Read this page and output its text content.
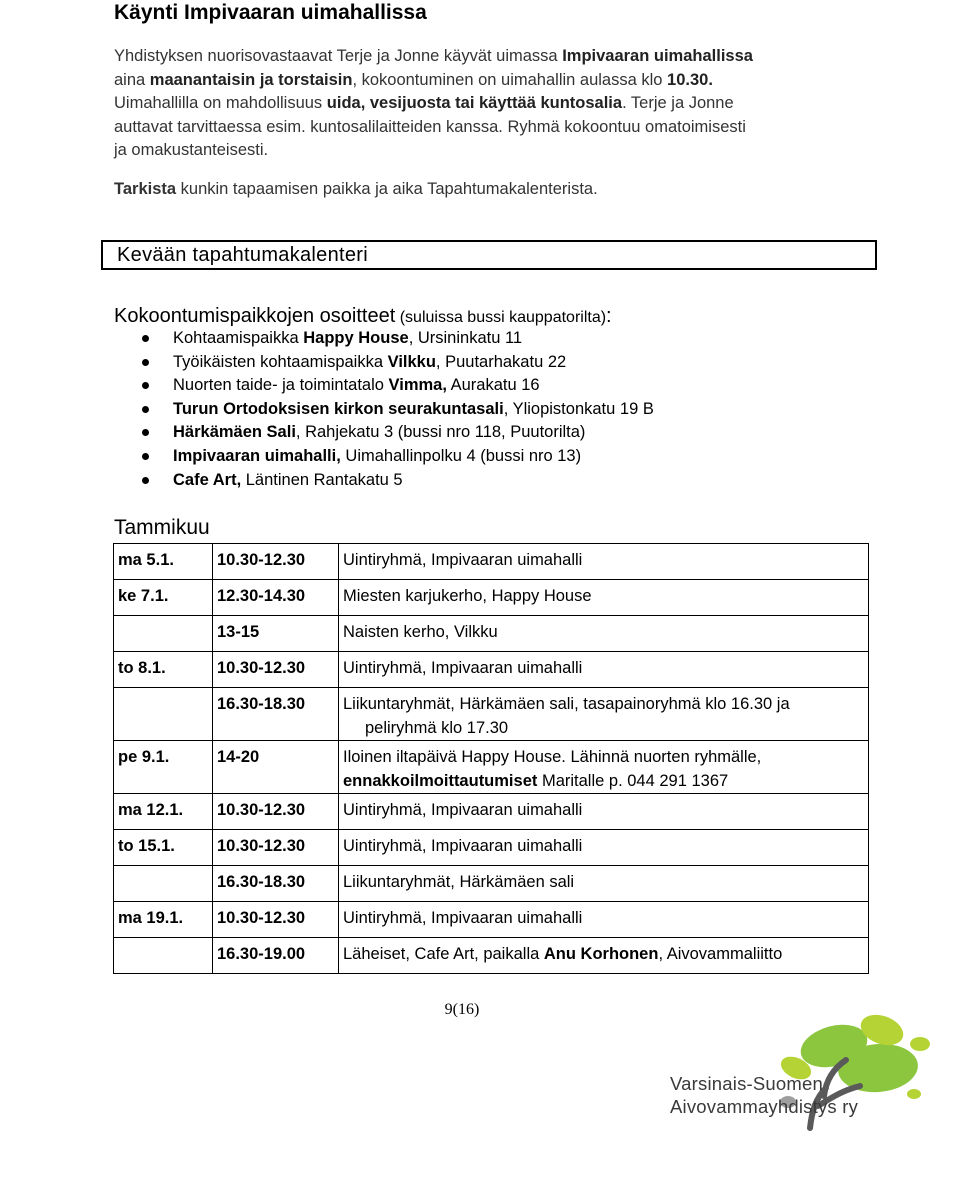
Käynti Impivaaran uimahallissa

Yhdistyksen nuorisovastaavat Terje ja Jonne käyvät uimassa Impivaaran uimahallissa

aina maanantaisin ja torstaisin, kokoontuminen on uimahallin aulassa klo 10.30.

Uimahallilla on mahdollisuus uida, vesijuosta tai käyttää kuntosalia. Terje ja Jonne

auttavat tarvittaessa esim. kuntosalilaitteiden kanssa. Ryhmä kokoontuu omatoimisesti

ja omakustanteisesti.

Tarkista kunkin tapaamisen paikka ja aika Tapahtumakalenterista.
Kevään tapahtumakalenteri
Kokoontumispaikkojen osoitteet (suluissa bussi kauppatorilta):
Kohtaamispaikka Happy House, Ursininkatu 11
Työikäisten kohtaamispaikka Vilkku, Puutarhakatu 22
Nuorten taide- ja toimintatalo Vimma, Aurakatu 16
Turun Ortodoksisen kirkon seurakuntasali, Yliopistonkatu 19 B
Härkämäen Sali, Rahjekatu 3 (bussi nro 118, Puutorilta)
Impivaaran uimahalli, Uimahallinpolku 4 (bussi nro 13)
Cafe Art, Läntinen Rantakatu 5
Tammikuu
ma 5.1.	10.30-12.30	Uintiryhmä, Impivaaran uimahalli
ke 7.1.	12.30-14.30	Miesten karjukerho, Happy House
	13-15	Naisten kerho, Vilkku
to 8.1.	10.30-12.30	Uintiryhmä, Impivaaran uimahalli
	16.30-18.30	Liikuntaryhmät, Härkämäen sali, tasapainoryhmä klo 16.30 ja
peliryhmä klo 17.30

pe 9.1.	14-20	Iloinen iltapäivä Happy House. Lähinnä nuorten ryhmälle,
ennakkoilmoittautumiset Maritalle p. 044 291 1367

ma 12.1.	10.30-12.30	Uintiryhmä, Impivaaran uimahalli
to 15.1.	10.30-12.30	Uintiryhmä, Impivaaran uimahalli
	16.30-18.30	Liikuntaryhmät, Härkämäen sali
ma 19.1.	10.30-12.30	Uintiryhmä, Impivaaran uimahalli
	16.30-19.00	Läheiset, Cafe Art, paikalla Anu Korhonen, Aivovammaliitto
9(16)
Varsinais-Suomen
Aivovammayhdistys ry
